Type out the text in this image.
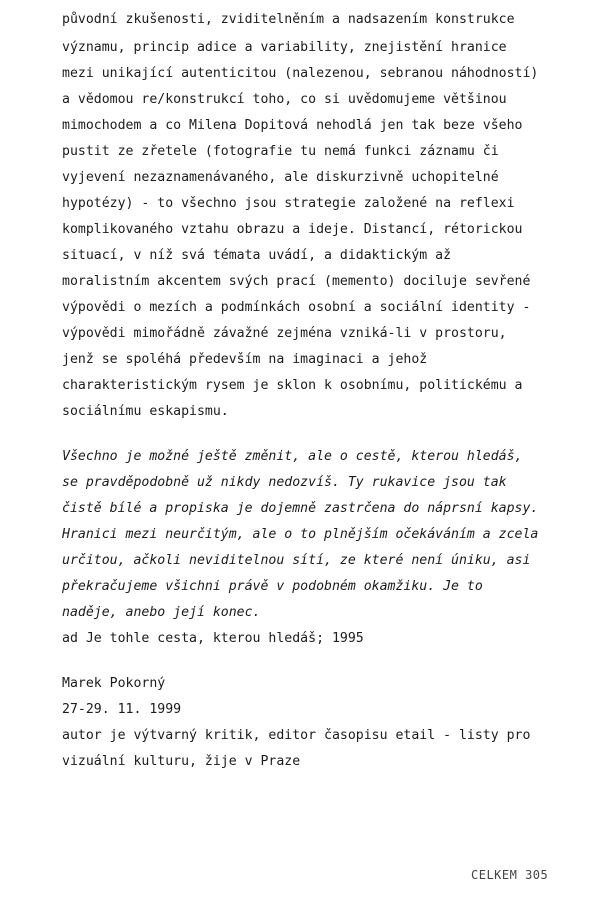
původní zkušenosti, zviditelněním a nadsazením konstrukce
významu, princip adice a variability, znejistění hranice
mezi unikající autenticitou (nalezenou, sebranou náhodností)
a vědomou re/konstrukcí toho, co si uvědomujeme většinou
mimochodem a co Milena Dopitová nehodlá jen tak beze všeho
pustit ze zřetele (fotografie tu nemá funkci záznamu či
vyjevení nezaznamenávaného, ale diskurzivně uchopitelné
hypotézy) - to všechno jsou strategie založené na reflexi
komplikovaného vztahu obrazu a ideje. Distancí, rétorickou
situací, v níž svá témata uvádí, a didaktickým až
moralistním akcentem svých prací (memento) dociluje sevřené
výpovědi o mezích a podmínkách osobní a sociální identity -
výpovědi mimořádně závažné zejména vzniká-li v prostoru,
jenž se spoléhá především na imaginaci a jehož
charakteristickým rysem je sklon k osobnímu, politickému a
sociálnímu eskapismu.
Všechno je možné ještě změnit, ale o cestě, kterou hledáš,
se pravděpodobně už nikdy nedozvíš. Ty rukavice jsou tak
čistě bílé a propiska je dojemně zastrčena do náprsní kapsy.
Hranici mezi neurčitým, ale o to plnějším očekáváním a zcela
určitou, ačkoli neviditelnou sítí, ze které není úniku, asi
překračujeme všichni právě v podobném okamžiku. Je to
naděje, anebo její konec.
ad Je tohle cesta, kterou hledáš; 1995
Marek Pokorný
27-29. 11. 1999
autor je výtvarný kritik, editor časopisu etail - listy pro
vizuální kulturu, žije v Praze
CELKEM 305
